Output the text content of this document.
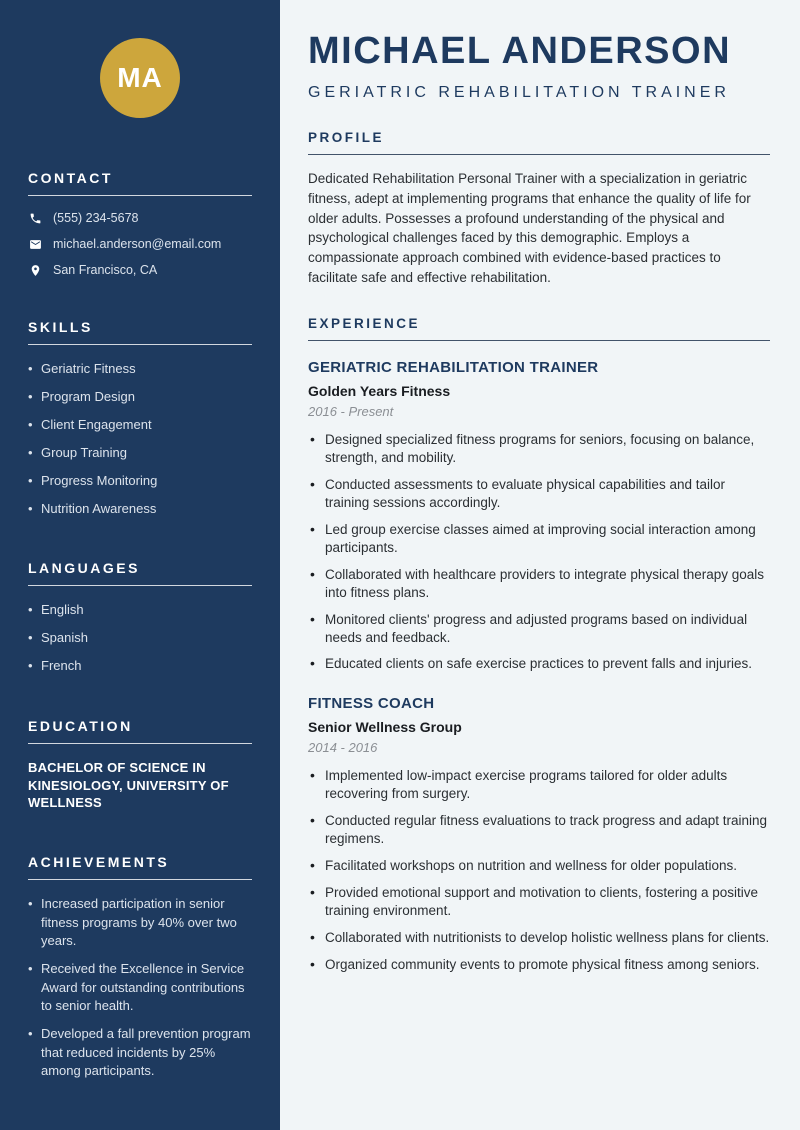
MA
CONTACT
(555) 234-5678
michael.anderson@email.com
San Francisco, CA
SKILLS
• Geriatric Fitness
• Program Design
• Client Engagement
• Group Training
• Progress Monitoring
• Nutrition Awareness
LANGUAGES
• English
• Spanish
• French
EDUCATION

BACHELOR OF SCIENCE IN KINESIOLOGY, UNIVERSITY OF WELLNESS

ACHIEVEMENTS
• Increased participation in senior fitness programs by 40% over two years.
• Received the Excellence in Service Award for outstanding contributions to senior health.
• Developed a fall prevention program that reduced incidents by 25% among participants.
MICHAEL ANDERSON
GERIATRIC REHABILITATION TRAINER
PROFILE

Dedicated Rehabilitation Personal Trainer with a specialization in geriatric fitness, adept at implementing programs that enhance the quality of life for older adults. Possesses a profound understanding of the physical and psychological challenges faced by this demographic. Employs a compassionate approach combined with evidence-based practices to facilitate safe and effective rehabilitation.

EXPERIENCE
GERIATRIC REHABILITATION TRAINER
Golden Years Fitness
2016 - Present
• Designed specialized fitness programs for seniors, focusing on balance, strength, and mobility.
• Conducted assessments to evaluate physical capabilities and tailor training sessions accordingly.
• Led group exercise classes aimed at improving social interaction among participants.
• Collaborated with healthcare providers to integrate physical therapy goals into fitness plans.
• Monitored clients' progress and adjusted programs based on individual needs and feedback.
• Educated clients on safe exercise practices to prevent falls and injuries.
FITNESS COACH
Senior Wellness Group
2014 - 2016
• Implemented low-impact exercise programs tailored for older adults recovering from surgery.
• Conducted regular fitness evaluations to track progress and adapt training regimens.
• Facilitated workshops on nutrition and wellness for older populations.
• Provided emotional support and motivation to clients, fostering a positive training environment.
• Collaborated with nutritionists to develop holistic wellness plans for clients.
• Organized community events to promote physical fitness among seniors.
